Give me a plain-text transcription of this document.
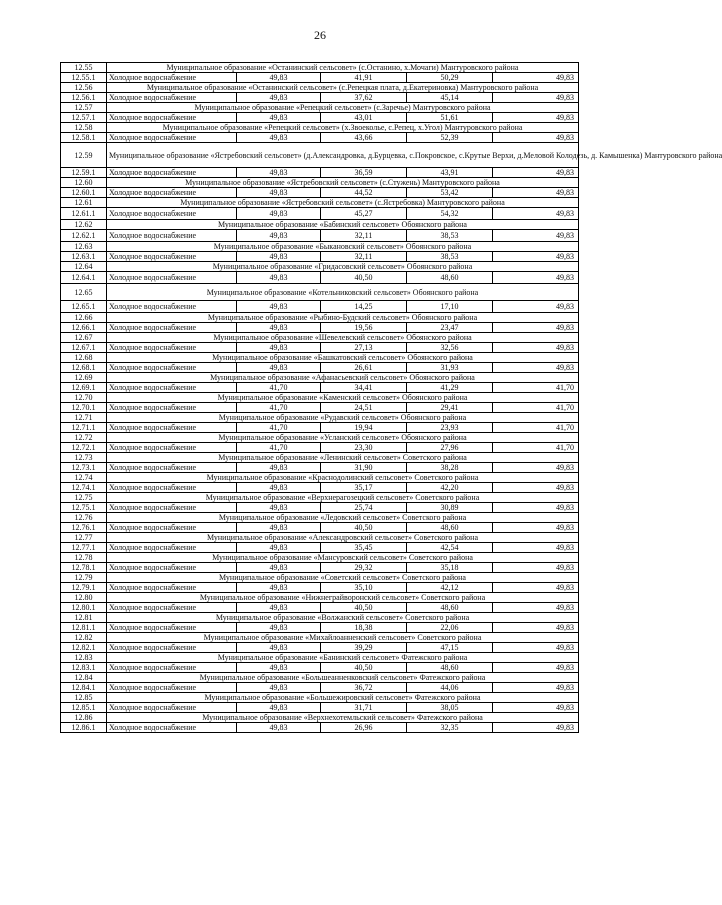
26
12.55	Муниципальное образование «Останинский сельсовет» (с.Останино, х.Мочаги) Мантуровского района				
12.55.1	Холодное водоснабжение	49,83	41,91	50,29	49,83
12.56	Муниципальное образование «Останинский сельсовет» (с.Репецкая плата, д.Екатериновка) Мантуровского района				
12.56.1	Холодное водоснабжение	49,83	37,62	45,14	49,83
12.57	Муниципальное образование «Репецкий сельсовет» (с.Заречье) Мантуровского района				
12.57.1	Холодное водоснабжение	49,83	43,01	51,61	49,83
12.58	Муниципальное образование «Репецкий сельсовет» (х.Звоеколье, с.Репец, х.Угол) Мантуровского района				
12.58.1	Холодное водоснабжение	49,83	43,66	52,39	49,83
12.59	Муниципальное образование «Ястребовский сельсовет» (д.Александровка, д.Бурцевка, с.Покровское, с.Крутые Верхи, д.Меловой Колодезь, д. Камышенка) Мантуровского района				
12.59.1	Холодное водоснабжение	49,83	36,59	43,91	49,83
12.60	Муниципальное образование «Ястребовский сельсовет» (с.Стужень) Мантуровского района				
12.60.1	Холодное водоснабжение	49,83	44,52	53,42	49,83
12.61	Муниципальное образование «Ястребовский сельсовет» (с.Ястребовка) Мантуровского района				
12.61.1	Холодное водоснабжение	49,83	45,27	54,32	49,83
12.62	Муниципальное образование «Бабинский сельсовет» Обоянского района				
12.62.1	Холодное водоснабжение	49,83	32,11	38,53	49,83
12.63	Муниципальное образование «Быкановский сельсовет» Обоянского района				
12.63.1	Холодное водоснабжение	49,83	32,11	38,53	49,83
12.64	Муниципальное образование «Гридасовский сельсовет» Обоянского района				
12.64.1	Холодное водоснабжение	49,83	40,50	48,60	49,83
12.65	Муниципальное образование «Котельниковский сельсовет» Обоянского района				
12.65.1	Холодное водоснабжение	49,83	14,25	17,10	49,83
12.66	Муниципальное образование «Рыбино-Будский сельсовет» Обоянского района				
12.66.1	Холодное водоснабжение	49,83	19,56	23,47	49,83
12.67	Муниципальное образование «Шевелевский сельсовет» Обоянского района				
12.67.1	Холодное водоснабжение	49,83	27,13	32,56	49,83
12.68	Муниципальное образование «Башкатовский сельсовет» Обоянского района				
12.68.1	Холодное водоснабжение	49,83	26,61	31,93	49,83
12.69	Муниципальное образование «Афанасьевский сельсовет» Обоянского района				
12.69.1	Холодное водоснабжение	41,70	34,41	41,29	41,70
12.70	Муниципальное образование «Каменский сельсовет» Обоянского района				
12.70.1	Холодное водоснабжение	41,70	24,51	29,41	41,70
12.71	Муниципальное образование «Рудавский сельсовет» Обоянского района				
12.71.1	Холодное водоснабжение	41,70	19,94	23,93	41,70
12.72	Муниципальное образование «Усланский сельсовет» Обоянского района				
12.72.1	Холодное водоснабжение	41,70	23,30	27,96	41,70
12.73	Муниципальное образование «Ленинский сельсовет» Советского района				
12.73.1	Холодное водоснабжение	49,83	31,90	38,28	49,83
12.74	Муниципальное образование «Краснодолинский сельсовет» Советского района				
12.74.1	Холодное водоснабжение	49,83	35,17	42,20	49,83
12.75	Муниципальное образование «Верхнерагозецкий сельсовет» Советского района				
12.75.1	Холодное водоснабжение	49,83	25,74	30,89	49,83
12.76	Муниципальное образование «Ледовский сельсовет» Советского района				
12.76.1	Холодное водоснабжение	49,83	40,50	48,60	49,83
12.77	Муниципальное образование «Александровский сельсовет» Советского района				
12.77.1	Холодное водоснабжение	49,83	35,45	42,54	49,83
12.78	Муниципальное образование «Мансуровский сельсовет» Советского района				
12.78.1	Холодное водоснабжение	49,83	29,32	35,18	49,83
12.79	Муниципальное образование «Советский сельсовет» Советского района				
12.79.1	Холодное водоснабжение	49,83	35,10	42,12	49,83
12.80	Муниципальное образование «Нижнеграйворонский сельсовет» Советского района				
12.80.1	Холодное водоснабжение	49,83	40,50	48,60	49,83
12.81	Муниципальное образование «Волжанский сельсовет» Советского района				
12.81.1	Холодное водоснабжение	49,83	18,38	22,06	49,83
12.82	Муниципальное образование «Михайлоанненский сельсовет» Советского района				
12.82.1	Холодное водоснабжение	49,83	39,29	47,15	49,83
12.83	Муниципальное образование «Банинский сельсовет» Фатежского района				
12.83.1	Холодное водоснабжение	49,83	40,50	48,60	49,83
12.84	Муниципальное образование «Большеанненковский сельсовет» Фатежского района				
12.84.1	Холодное водоснабжение	49,83	36,72	44,06	49,83
12.85	Муниципальное образование «Большежировский сельсовет» Фатежского района				
12.85.1	Холодное водоснабжение	49,83	31,71	38,05	49,83
12.86	Муниципальное образование «Верхнехотемльский сельсовет» Фатежского района				
12.86.1	Холодное водоснабжение	49,83	26,96	32,35	49,83
